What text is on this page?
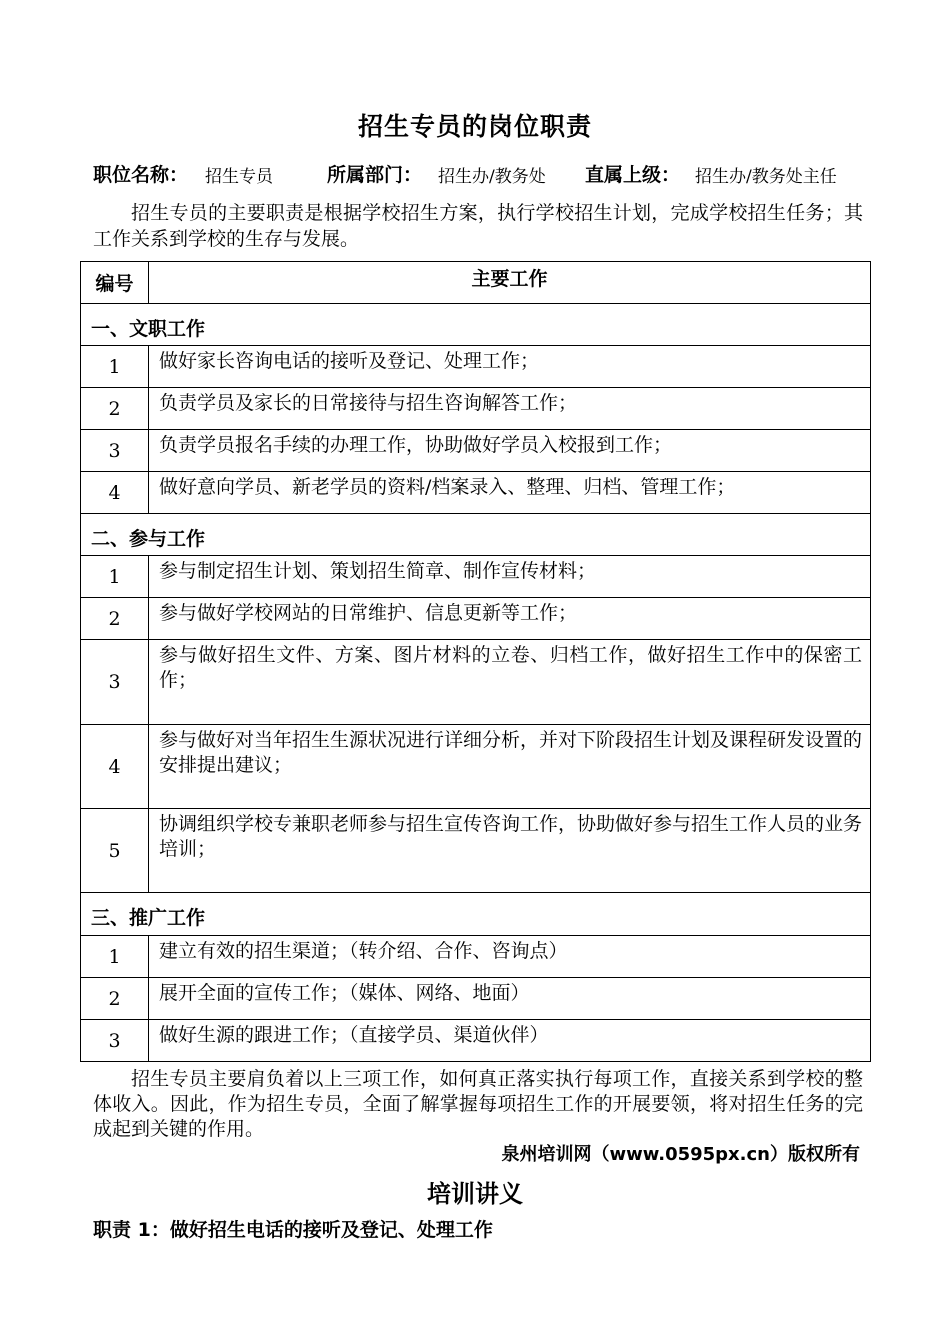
招生专员的岗位职责
职位名称： 招生专员	所属部门： 招生办/教务处 直属上级： 招生办/教务处主任
招生专员的主要职责是根据学校招生方案，执行学校招生计划，完成学校招生任务；其工作关系到学校的生存与发展。
编号	主要工作
一、文职工作	
1	做好家长咨询电话的接听及登记、处理工作；
2	负责学员及家长的日常接待与招生咨询解答工作；
3	负责学员报名手续的办理工作，协助做好学员入校报到工作；
4	做好意向学员、新老学员的资料/档案录入、整理、归档、管理工作；
二、参与工作	
1	参与制定招生计划、策划招生简章、制作宣传材料；
2	参与做好学校网站的日常维护、信息更新等工作；
3	参与做好招生文件、方案、图片材料的立卷、归档工作，做好招生工作中的保密工作；
4	参与做好对当年招生生源状况进行详细分析，并对下阶段招生计划及课程研发设置的安排提出建议；
5	协调组织学校专兼职老师参与招生宣传咨询工作，协助做好参与招生工作人员的业务培训；
三、推广工作	
1	建立有效的招生渠道；（转介绍、合作、咨询点）
2	展开全面的宣传工作；（媒体、网络、地面）
3	做好生源的跟进工作；（直接学员、渠道伙伴）
招生专员主要肩负着以上三项工作，如何真正落实执行每项工作，直接关系到学校的整体收入。因此，作为招生专员，全面了解掌握每项招生工作的开展要领，将对招生任务的完成起到关键的作用。
泉州培训网（www.0595px.cn）版权所有
培训讲义
职责 1：做好招生电话的接听及登记、处理工作
